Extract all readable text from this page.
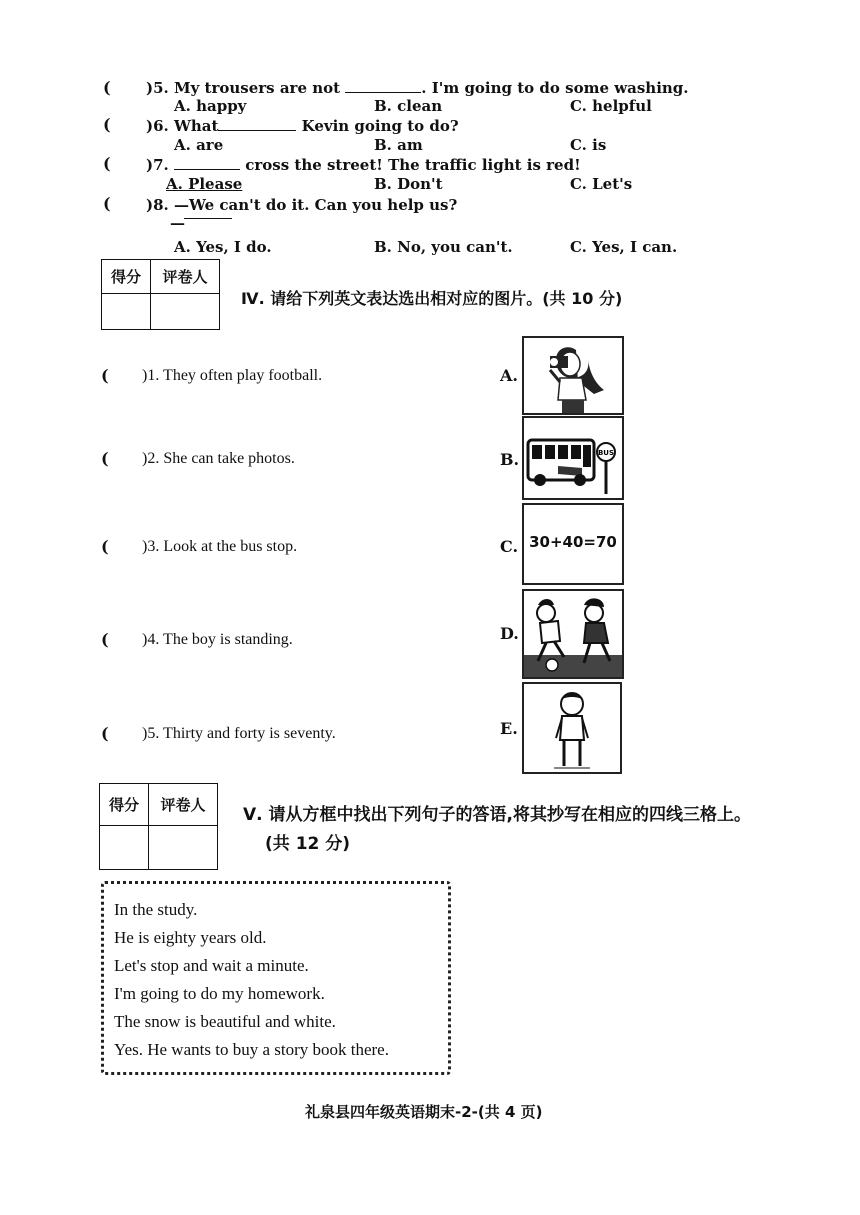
( )5. My trousers are not	. I'm going to do some washing.
A. happy	B. clean	C. helpful
( )6. What	Kevin going to do?
A. are	B. am	C. is
( )7.	cross the street! The traffic light is red!
A. Please	B. Don't	C. Let's
( )8. —We can't do it. Can you help us?
—
A. Yes, I do.	B. No, you can't.	C. Yes, I can.
得分	评卷人

Ⅳ. 请给下列英文表达选出相对应的图片。(共 10 分)
( )1. They often play football.
( )2. She can take photos.
( )3. Look at the bus stop.
( )4. The boy is standing.
( )5. Thirty and forty is seventy.
A.
B.
C.
D.
E.
BUS
30+40=70
得分	评卷人
	Ⅴ. 请从方框中找出下列句子的答语,将其抄写在相应的四线三格上。
(共 12 分)
In the study.
He is eighty years old.
Let's stop and wait a minute.
I'm going to do my homework.
The snow is beautiful and white.
Yes. He wants to buy a story book there.
礼泉县四年级英语期末-2-(共 4 页)
